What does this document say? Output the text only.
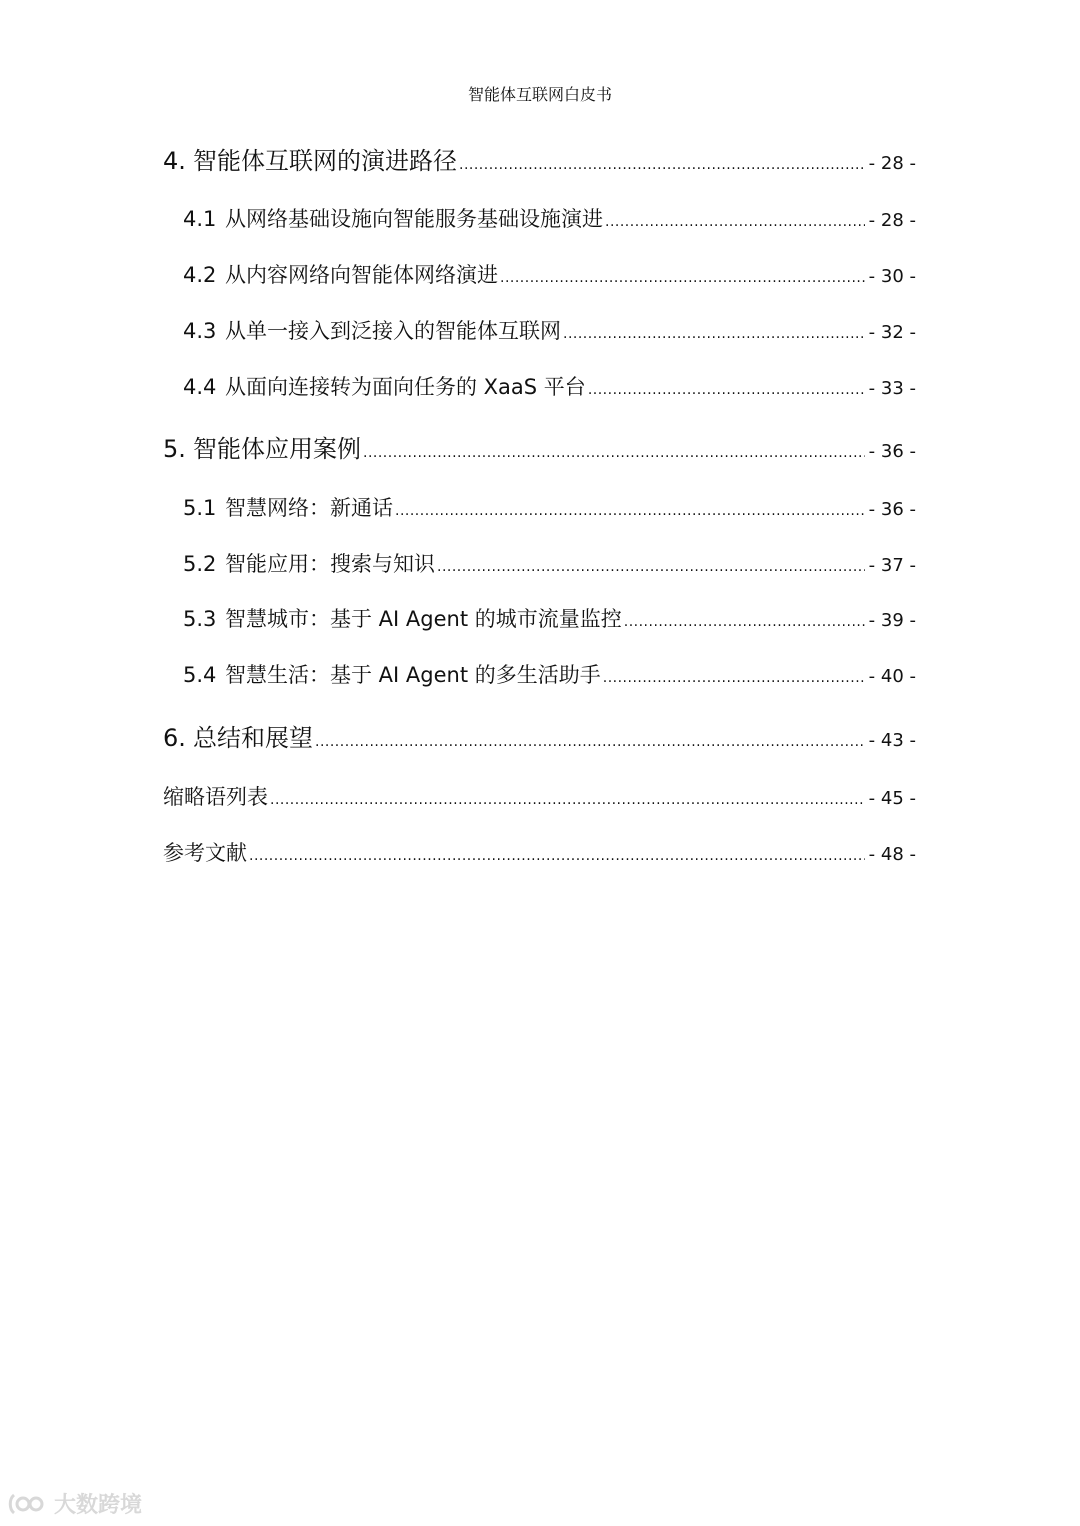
智能体互联网白皮书
4. 智能体互联网的演进路径 .....	- 28 -
4.1 从网络基础设施向智能服务基础设施演进 .....	- 28 -
4.2 从内容网络向智能体网络演进 .....	- 30 -
4.3 从单一接入到泛接入的智能体互联网 .....	- 32 -
4.4 从面向连接转为面向任务的 XaaS 平台 .....	- 33 -
5. 智能体应用案例 .....	- 36 -
5.1 智慧网络：新通话 .....	- 36 -
5.2 智能应用：搜索与知识 .....	- 37 -
5.3 智慧城市：基于 AI Agent 的城市流量监控 .....	- 39 -
5.4 智慧生活：基于 AI Agent 的多生活助手 .....	- 40 -
6. 总结和展望 .....	- 43 -
缩略语列表 .....	- 45 -
参考文献 .....	- 48 -
大数跨境
